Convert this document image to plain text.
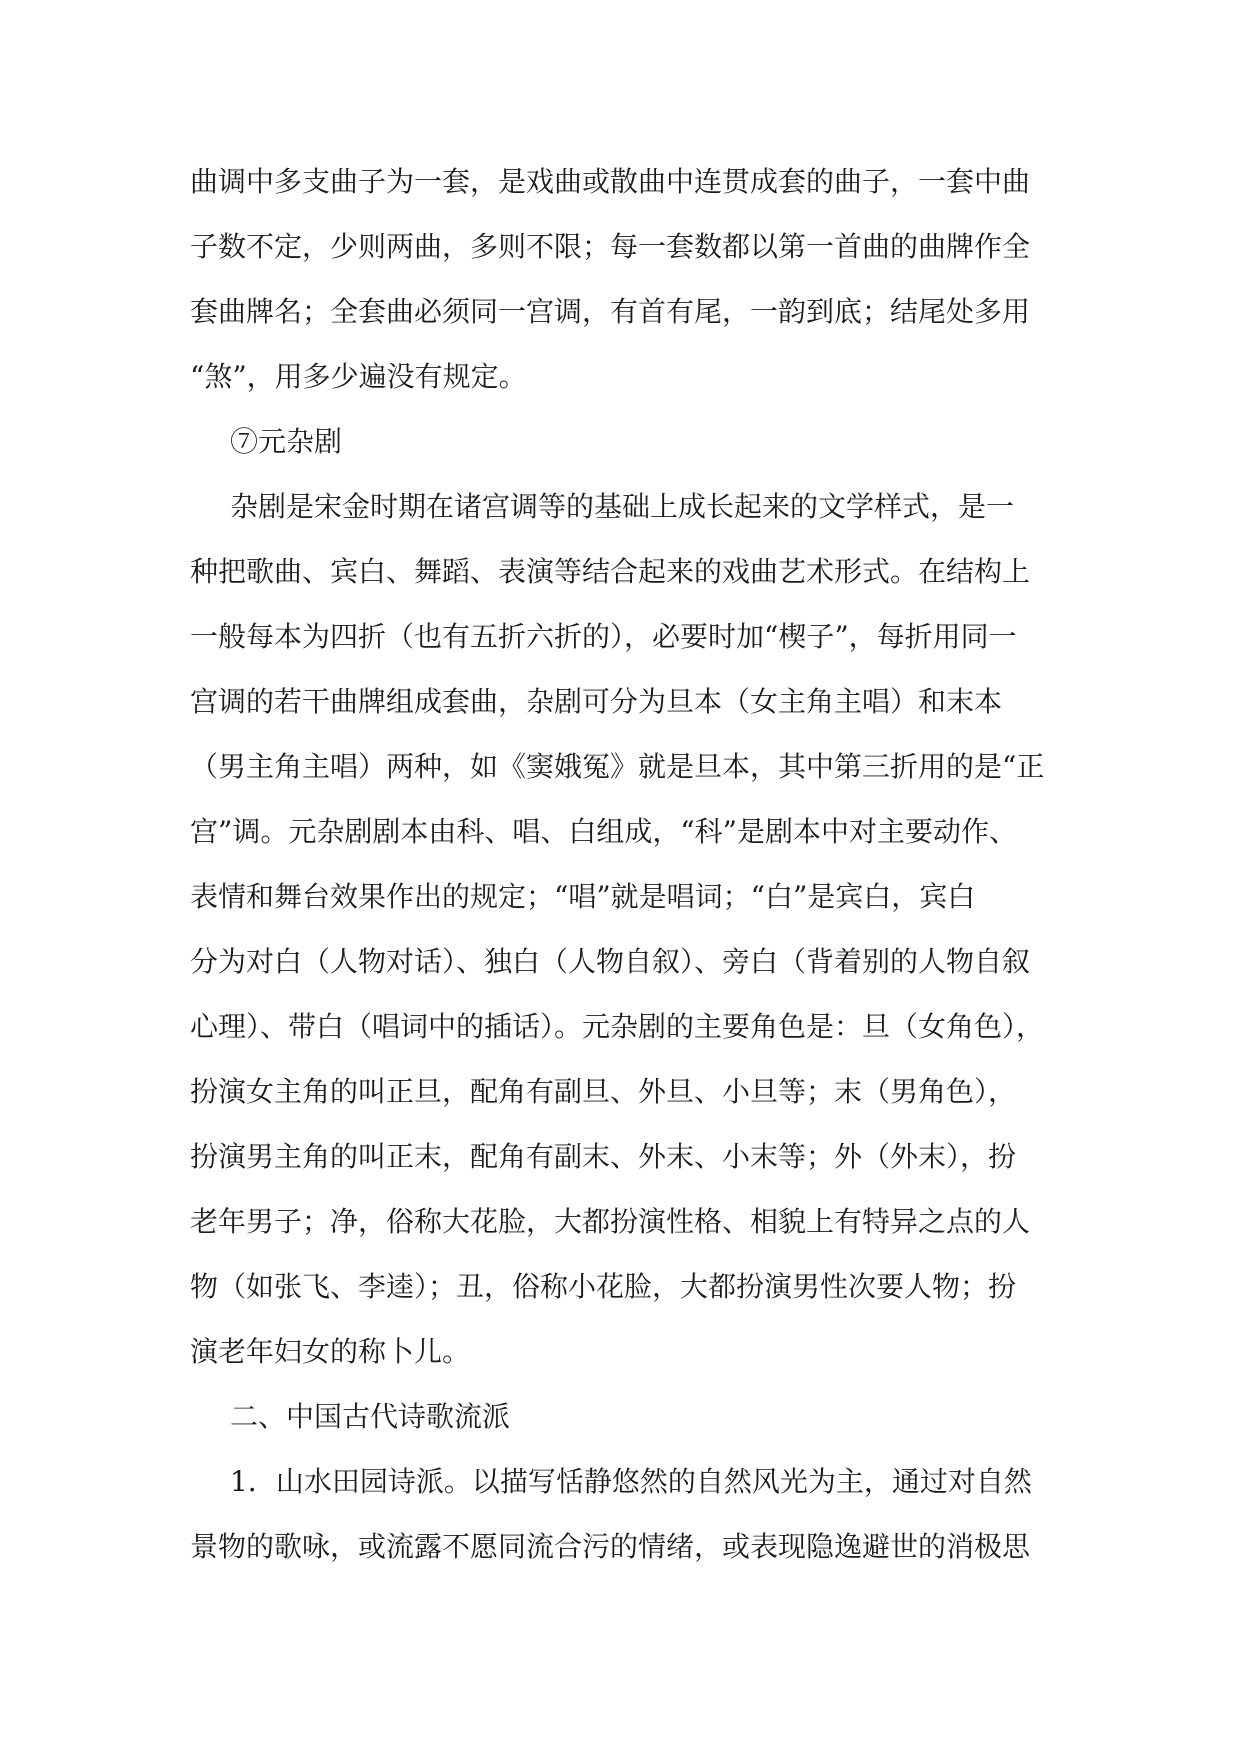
曲调中多支曲子为一套，是戏曲或散曲中连贯成套的曲子，一套中曲
子数不定，少则两曲，多则不限；每一套数都以第一首曲的曲牌作全
套曲牌名；全套曲必须同一宫调，有首有尾，一韵到底；结尾处多用
“煞”，用多少遍没有规定。
⑦元杂剧
杂剧是宋金时期在诸宫调等的基础上成长起来的文学样式，是一
种把歌曲、宾白、舞蹈、表演等结合起来的戏曲艺术形式。在结构上
一般每本为四折（也有五折六折的），必要时加“楔子”，每折用同一
宫调的若干曲牌组成套曲，杂剧可分为旦本（女主角主唱）和末本
（男主角主唱）两种，如《窦娥冤》就是旦本，其中第三折用的是“正
宫”调。元杂剧剧本由科、唱、白组成，“科”是剧本中对主要动作、
表情和舞台效果作出的规定；“唱”就是唱词；“白”是宾白，宾白
分为对白（人物对话）、独白（人物自叙）、旁白（背着别的人物自叙
心理）、带白（唱词中的插话）。元杂剧的主要角色是：旦（女角色），
扮演女主角的叫正旦，配角有副旦、外旦、小旦等；末（男角色），
扮演男主角的叫正末，配角有副末、外末、小末等；外（外末），扮
老年男子；净，俗称大花脸，大都扮演性格、相貌上有特异之点的人
物（如张飞、李逵）；丑，俗称小花脸，大都扮演男性次要人物；扮
演老年妇女的称卜儿。
二、中国古代诗歌流派
1．山水田园诗派。以描写恬静悠然的自然风光为主，通过对自然
景物的歌咏，或流露不愿同流合污的情绪，或表现隐逸避世的消极思
